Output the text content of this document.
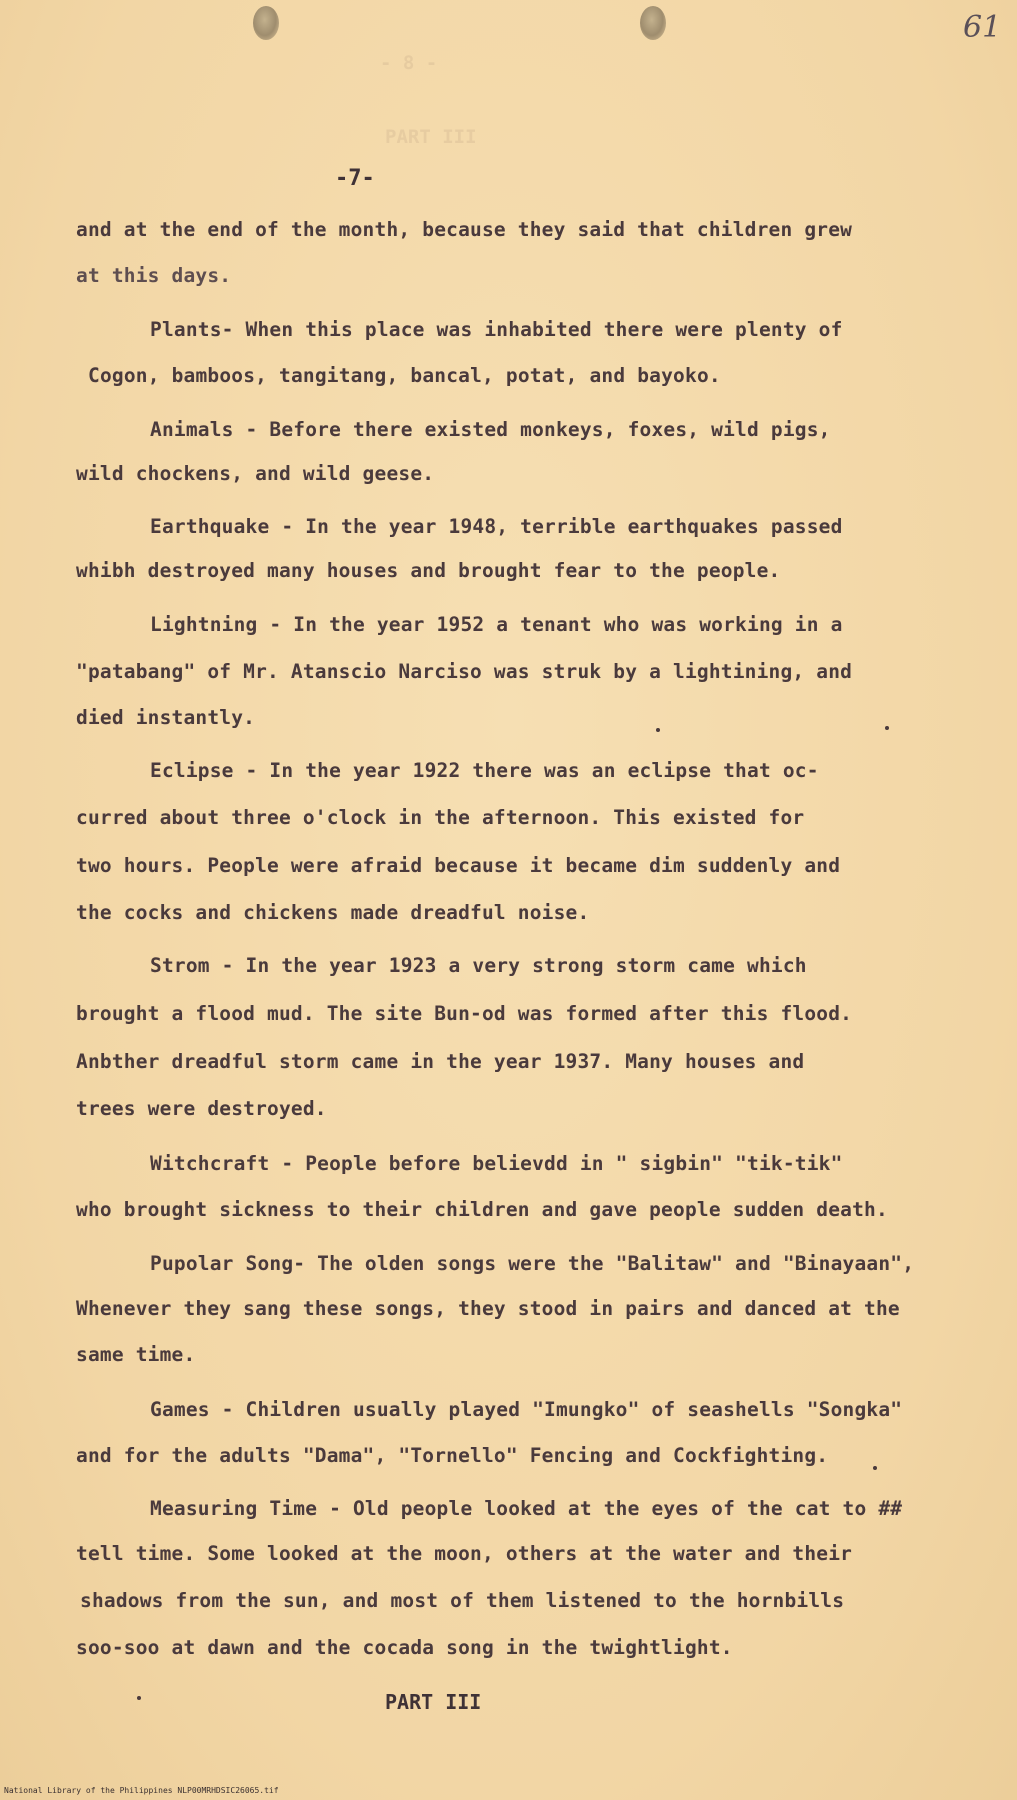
- 8 -
PART III
61
-7-
and at the end of the month, because they said that children grew
at this days.
Plants- When this place was inhabited there were plenty of
Cogon, bamboos, tangitang, bancal, potat, and bayoko.
Animals - Before there existed monkeys, foxes, wild pigs,
wild chockens, and wild geese.
Earthquake - In the year 1948, terrible earthquakes passed
whibh destroyed many houses and brought fear to the people.
Lightning - In the year 1952 a tenant who was working in a
"patabang" of Mr. Atanscio Narciso was struk by a lightining, and
died instantly.
Eclipse - In the year 1922 there was an eclipse that oc-
curred about three o'clock in the afternoon. This existed for
two hours. People were afraid because it became dim suddenly and
the cocks and chickens made dreadful noise.
Strom - In the year 1923 a very strong storm came which
brought a flood mud. The site Bun-od was formed after this flood.
Anbther dreadful storm came in the year 1937. Many houses and
trees were destroyed.
Witchcraft - People before believdd in " sigbin" "tik-tik"
who brought sickness to their children and gave people sudden death.
Pupolar Song- The olden songs were the "Balitaw" and "Binayaan",
Whenever they sang these songs, they stood in pairs and danced at the
same time.
Games - Children usually played "Imungko" of seashells "Songka"
and for the adults "Dama", "Tornello" Fencing and Cockfighting.
Measuring Time - Old people looked at the eyes of the cat to ##
tell time. Some looked at the moon, others at the water and their
shadows from the sun, and most of them listened to the hornbills
soo-soo at dawn and the cocada song in the twightlight.
PART III
National Library of the Philippines NLP00MRHDSIC26065.tif
